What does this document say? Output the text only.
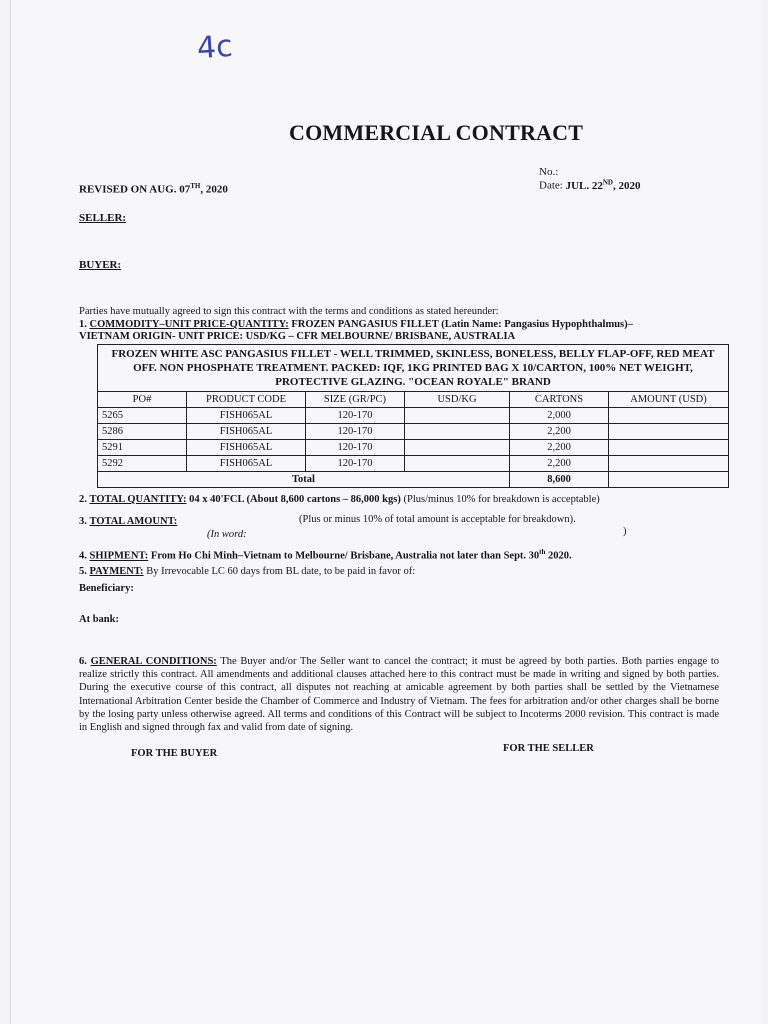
4c
COMMERCIAL CONTRACT
No.:
Date: JUL. 22ND, 2020
REVISED ON AUG. 07TH, 2020
SELLER:
BUYER:
Parties have mutually agreed to sign this contract with the terms and conditions as stated hereunder:
1. COMMODITY–UNIT PRICE-QUANTITY: FROZEN PANGASIUS FILLET (Latin Name: Pangasius Hypophthalmus)–
VIETNAM ORIGIN- UNIT PRICE: USD/KG – CFR MELBOURNE/ BRISBANE, AUSTRALIA
FROZEN WHITE ASC PANGASIUS FILLET - WELL TRIMMED, SKINLESS, BONELESS, BELLY FLAP-OFF, RED MEAT OFF. NON PHOSPHATE TREATMENT. PACKED: IQF, 1KG PRINTED BAG X 10/CARTON, 100% NET WEIGHT, PROTECTIVE GLAZING. "OCEAN ROYALE" BRAND					
PO#	PRODUCT CODE	SIZE (GR/PC)	USD/KG	CARTONS	AMOUNT (USD)
5265	FISH065AL	120-170		2,000	
5286	FISH065AL	120-170		2,200	
5291	FISH065AL	120-170		2,200	
5292	FISH065AL	120-170		2,200	
Total				8,600	
2. TOTAL QUANTITY: 04 x 40'FCL (About 8,600 cartons – 86,000 kgs) (Plus/minus 10% for breakdown is acceptable)
3. TOTAL AMOUNT:	(Plus or minus 10% of total amount is acceptable for breakdown).
(In word:	)
4. SHIPMENT: From Ho Chi Minh–Vietnam to Melbourne/ Brisbane, Australia not later than Sept. 30th 2020.
5. PAYMENT: By Irrevocable LC 60 days from BL date, to be paid in favor of:
Beneficiary:
At bank:
6. GENERAL CONDITIONS: The Buyer and/or The Seller want to cancel the contract; it must be agreed by both parties. Both parties engage to realize strictly this contract. All amendments and additional clauses attached here to this contract must be made in writing and signed by both parties. During the executive course of this contract, all disputes not reaching at amicable agreement by both parties shall be settled by the Vietnamese International Arbitration Center beside the Chamber of Commerce and Industry of Vietnam. The fees for arbitration and/or other charges shall be borne by the losing party unless otherwise agreed. All terms and conditions of this Contract will be subject to Incoterms 2000 revision. This contract is made in English and signed through fax and valid from date of signing.
FOR THE BUYER	FOR THE SELLER
